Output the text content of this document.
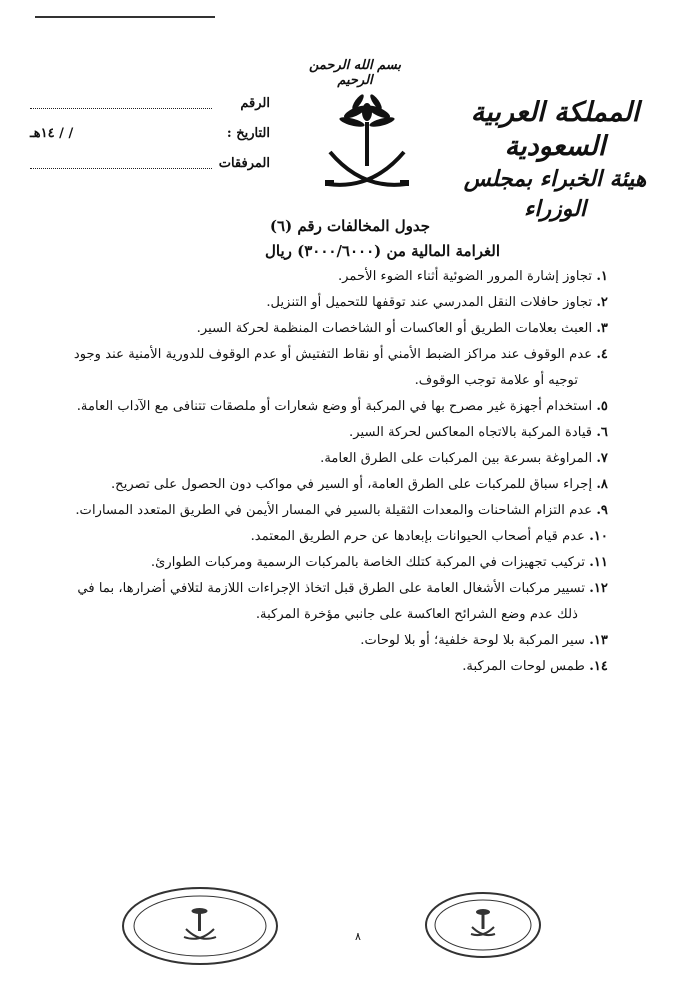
بسم الله الرحمن الرحيم
المملكة العربية السعودية
هيئة الخبراء بمجلس الوزراء
الرقم
التاريخ :
/ / ١٤هـ
المرفقات
جدول المخالفات رقم (٦)
الغرامة المالية من (٣٠٠٠/٦٠٠٠) ريال
١. تجاوز إشارة المرور الضوئية أثناء الضوء الأحمر.
٢. تجاوز حافلات النقل المدرسي عند توقفها للتحميل أو التنزيل.
٣. العبث بعلامات الطريق أو العاكسات أو الشاخصات المنظمة لحركة السير.
٤. عدم الوقوف عند مراكز الضبط الأمني أو نقاط التفتيش أو عدم الوقوف للدورية الأمنية عند وجود
توجيه أو علامة توجب الوقوف.
٥. استخدام أجهزة غير مصرح بها في المركبة أو وضع شعارات أو ملصقات تتنافى مع الآداب العامة.
٦. قيادة المركبة بالاتجاه المعاكس لحركة السير.
٧. المراوغة بسرعة بين المركبات على الطرق العامة.
٨. إجراء سباق للمركبات على الطرق العامة، أو السير في مواكب دون الحصول على تصريح.
٩. عدم التزام الشاحنات والمعدات الثقيلة بالسير في المسار الأيمن في الطريق المتعدد المسارات.
١٠. عدم قيام أصحاب الحيوانات بإبعادها عن حرم الطريق المعتمد.
١١. تركيب تجهيزات في المركبة كتلك الخاصة بالمركبات الرسمية ومركبات الطوارئ.
١٢. تسيير مركبات الأشغال العامة على الطرق قبل اتخاذ الإجراءات اللازمة لتلافي أضرارها، بما في
ذلك عدم وضع الشرائح العاكسة على جانبي مؤخرة المركبة.
١٣. سير المركبة بلا لوحة خلفية؛ أو بلا لوحات.
١٤. طمس لوحات المركبة.
٨
